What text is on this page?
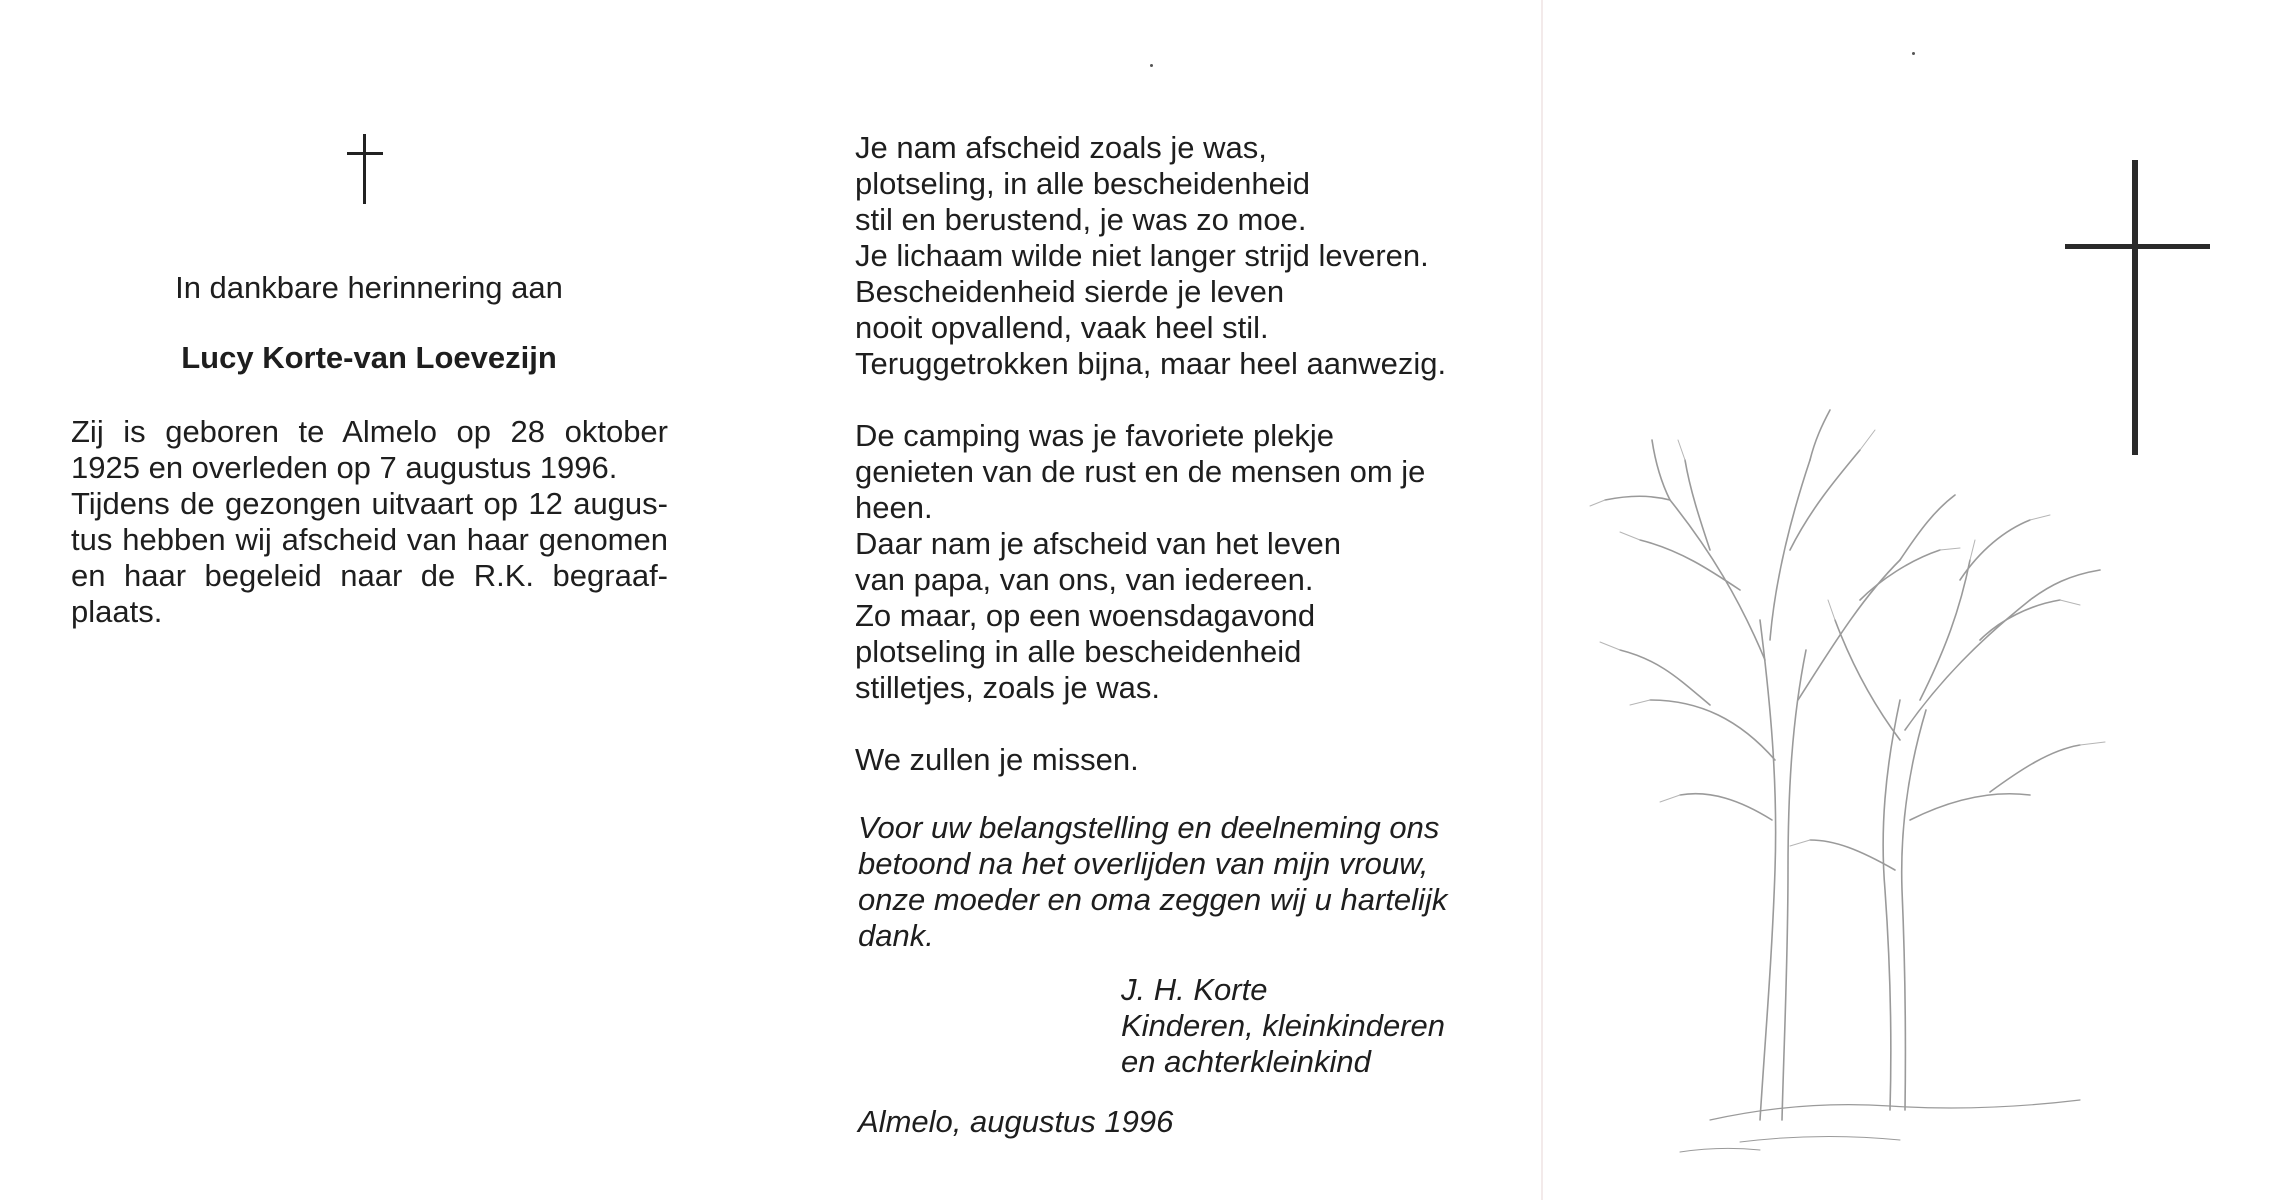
In dankbare herinnering aan
Lucy Korte-van Loevezijn
Zij is geboren te Almelo op 28 oktober
1925 en overleden op 7 augustus 1996.
Tijdens de gezongen uitvaart op 12 augus-
tus hebben wij afscheid van haar genomen
en haar begeleid naar de R.K. begraaf-
plaats.
Je nam afscheid zoals je was,
plotseling, in alle bescheidenheid
stil en berustend, je was zo moe.
Je lichaam wilde niet langer strijd leveren.
Bescheidenheid sierde je leven
nooit opvallend, vaak heel stil.
Teruggetrokken bijna, maar heel aanwezig.
De camping was je favoriete plekje
genieten van de rust en de mensen om je
heen.
Daar nam je afscheid van het leven
van papa, van ons, van iedereen.
Zo maar, op een woensdagavond
plotseling in alle bescheidenheid
stilletjes, zoals je was.
We zullen je missen.
Voor uw belangstelling en deelneming ons
betoond na het overlijden van mijn vrouw,
onze moeder en oma zeggen wij u hartelijk
dank.
J. H. Korte
Kinderen, kleinkinderen
en achterkleinkind
Almelo, augustus 1996
